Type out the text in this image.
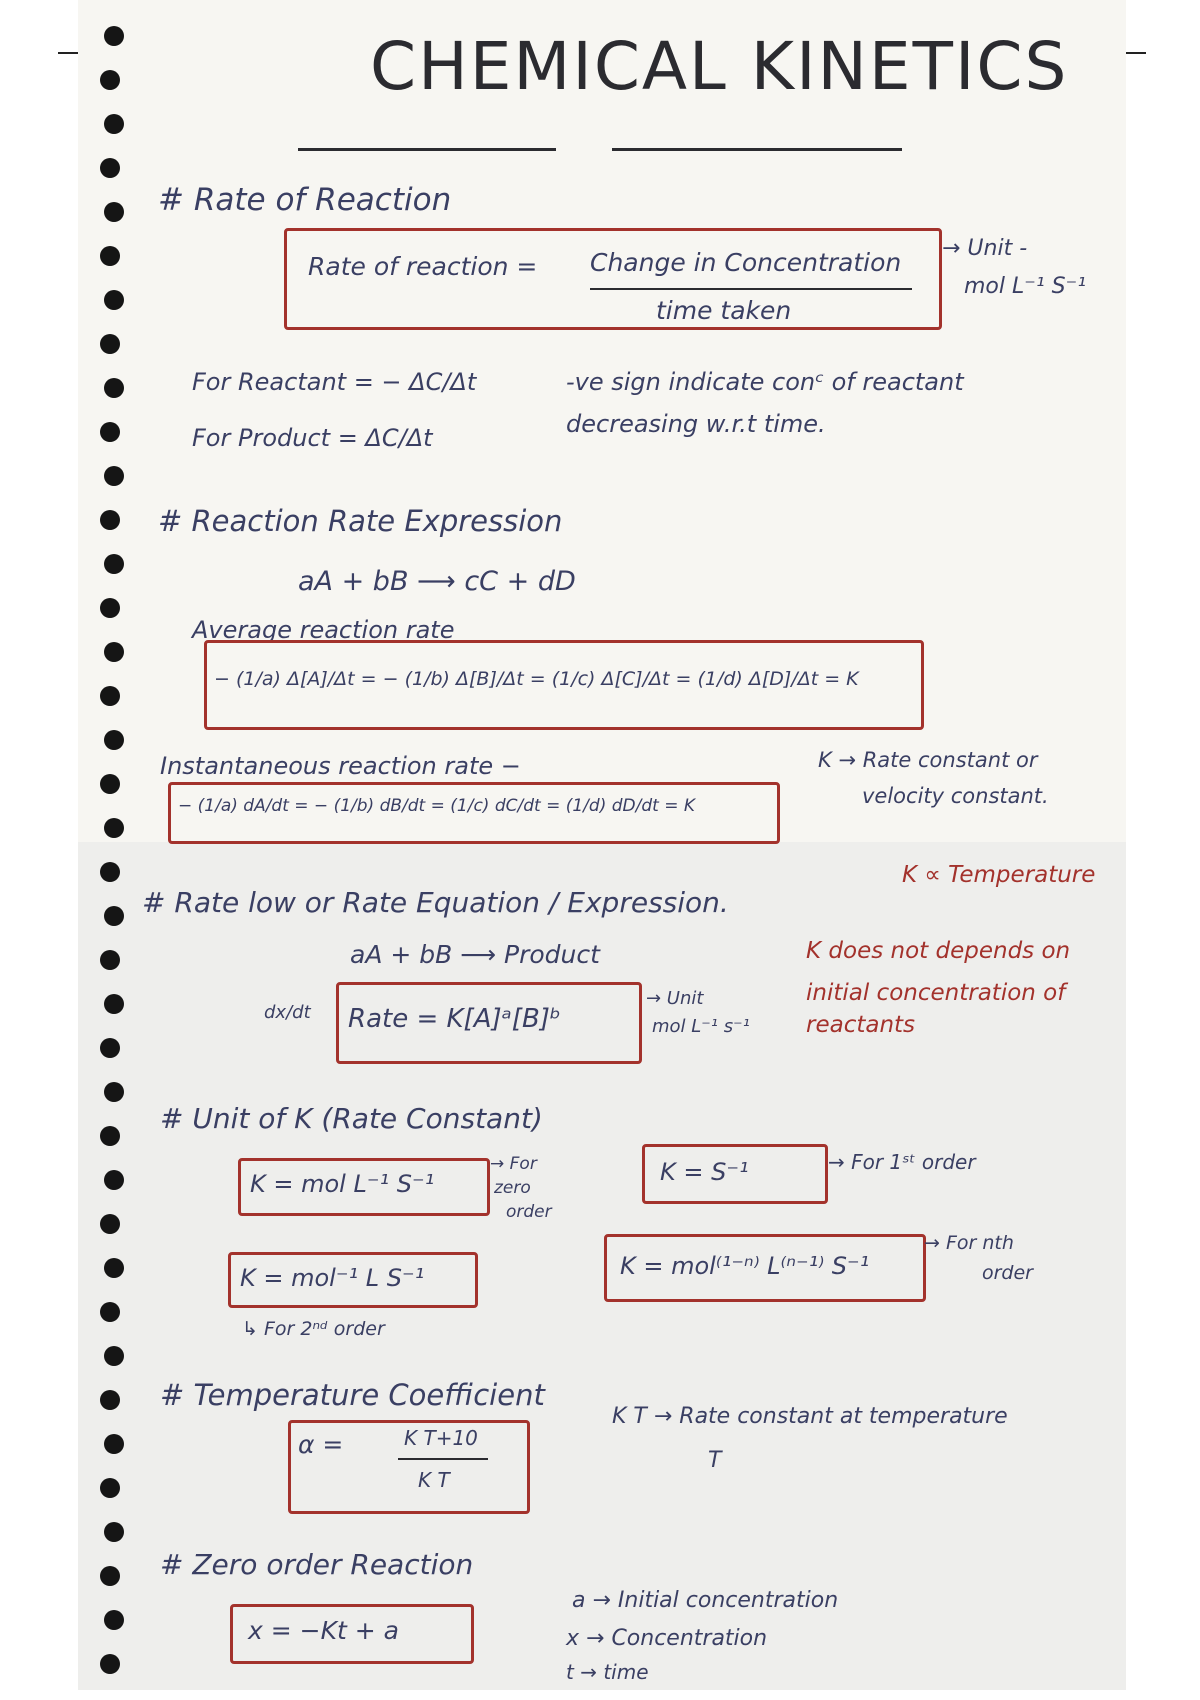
CHEMICAL KINETICS
# Rate of Reaction
Rate of reaction = Change in Concentration
time taken
→ Unit -
mol L⁻¹ S⁻¹
For Reactant = − ΔC/Δt
For Product = ΔC/Δt
-ve sign indicate conᶜ of reactant
decreasing w.r.t time.
# Reaction Rate Expression
aA + bB ⟶ cC + dD
Average reaction rate
− (1/a) Δ[A]/Δt = − (1/b) Δ[B]/Δt = (1/c) Δ[C]/Δt = (1/d) Δ[D]/Δt = K
Instantaneous reaction rate −
− (1/a) dA/dt = − (1/b) dB/dt = (1/c) dC/dt = (1/d) dD/dt = K
K → Rate constant or
velocity constant.
K ∝ Temperature
# Rate low or Rate Equation / Expression.
aA + bB ⟶ Product
dx/dt Rate = K[A]ᵃ[B]ᵇ
→ Unit
mol L⁻¹ s⁻¹
K does not depends on
initial concentration of
reactants
# Unit of K (Rate Constant)
K = mol L⁻¹ S⁻¹
→ For
zero
order
K = S⁻¹	→ For 1ˢᵗ order
K = mol⁻¹ L S⁻¹
↳ For 2ⁿᵈ order
K = mol⁽¹⁻ⁿ⁾ L⁽ⁿ⁻¹⁾ S⁻¹
→ For nth
order
# Temperature Coefficient
α =	K T+10
K T
K T → Rate constant at temperature
T
# Zero order Reaction
x = −Kt + a
a → Initial concentration
x → Concentration
t → time
